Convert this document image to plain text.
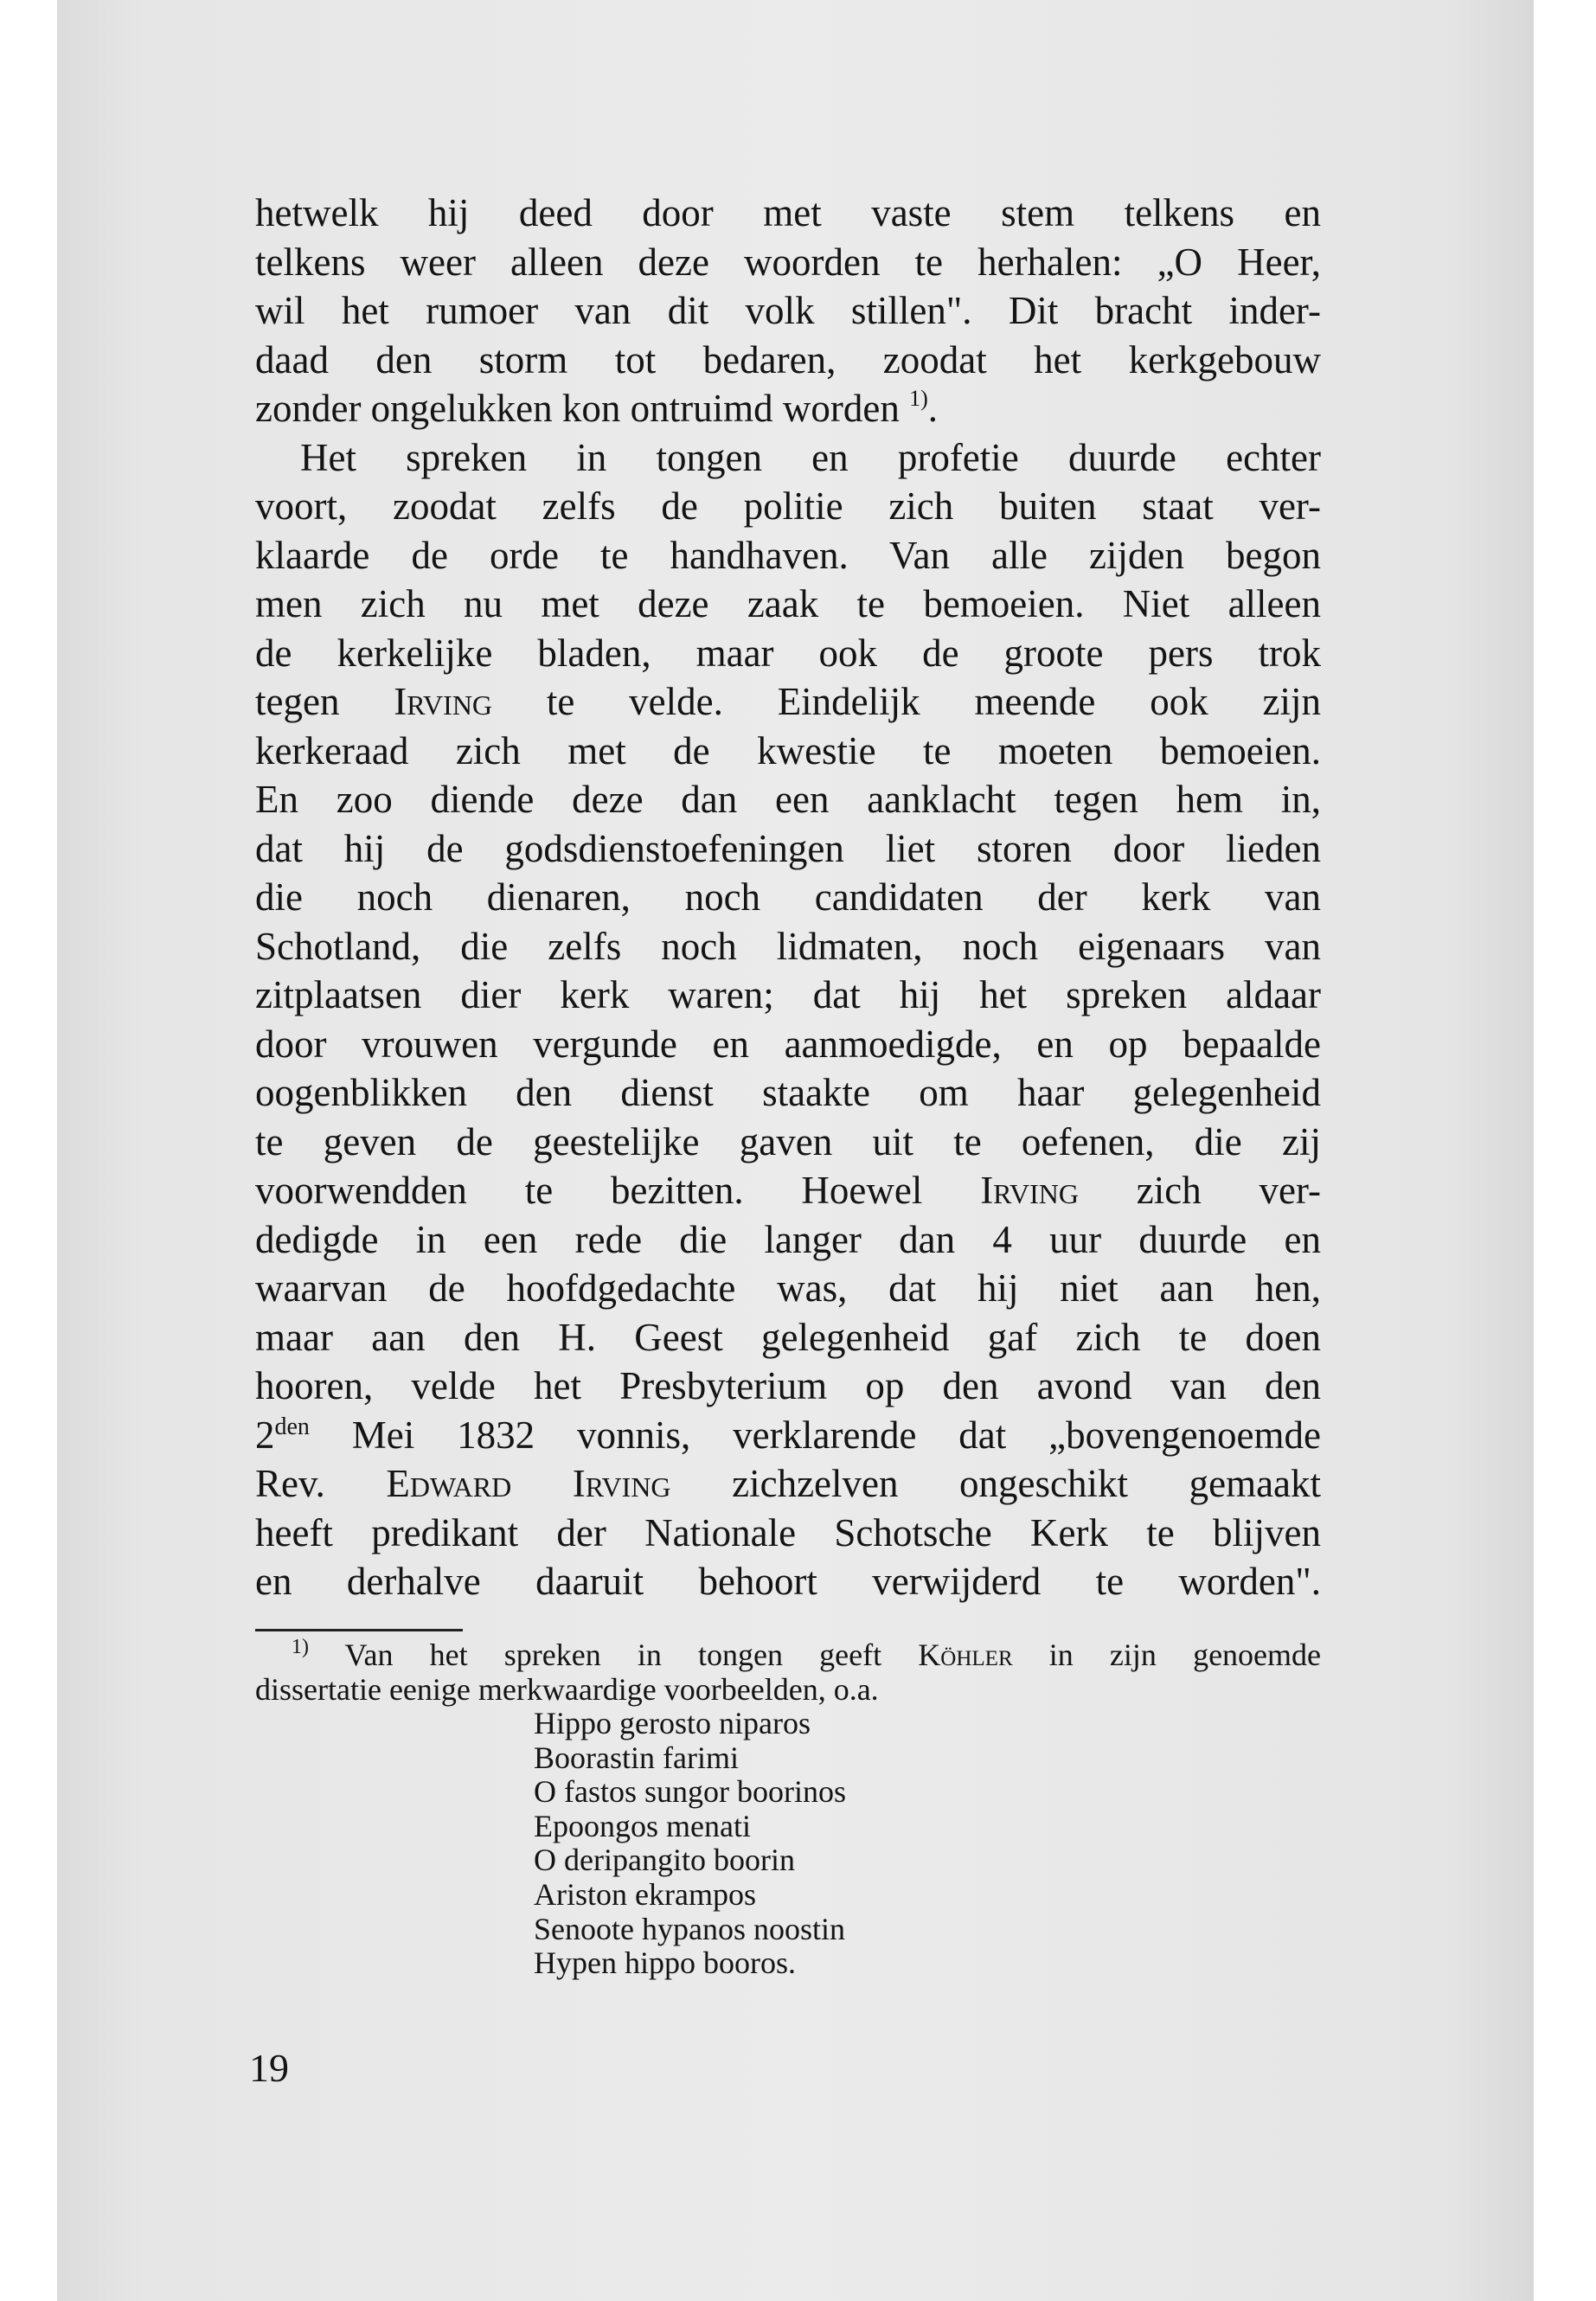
hetwelk hij deed door met vaste stem telkens en
telkens weer alleen deze woorden te herhalen: „O Heer,
wil het rumoer van dit volk stillen". Dit bracht inder-
daad den storm tot bedaren, zoodat het kerkgebouw
zonder ongelukken kon ontruimd worden $^{1)}$.
Het spreken in tongen en profetie duurde echter
voort, zoodat zelfs de politie zich buiten staat ver-
klaarde de orde te handhaven. Van alle zijden begon
men zich nu met deze zaak te bemoeien. Niet alleen
de kerkelijke bladen, maar ook de groote pers trok
tegen Irving te velde. Eindelijk meende ook zijn
kerkeraad zich met de kwestie te moeten bemoeien.
En zoo diende deze dan een aanklacht tegen hem in,
dat hij de godsdienstoefeningen liet storen door lieden
die noch dienaren, noch candidaten der kerk van
Schotland, die zelfs noch lidmaten, noch eigenaars van
zitplaatsen dier kerk waren; dat hij het spreken aldaar
door vrouwen vergunde en aanmoedigde, en op bepaalde
oogenblikken den dienst staakte om haar gelegenheid
te geven de geestelijke gaven uit te oefenen, die zij
voorwendden te bezitten. Hoewel Irving zich ver-
dedigde in een rede die langer dan 4 uur duurde en
waarvan de hoofdgedachte was, dat hij niet aan hen,
maar aan den H. Geest gelegenheid gaf zich te doen
hooren, velde het Presbyterium op den avond van den
$2^{den}$ Mei 1832 vonnis, verklarende dat „bovengenoemde
Rev. Edward Irving zichzelven ongeschikt gemaakt
heeft predikant der Nationale Schotsche Kerk te blijven
en derhalve daaruit behoort verwijderd te worden".
$^{1)}$ Van het spreken in tongen geeft Köhler in zijn genoemde
dissertatie eenige merkwaardige voorbeelden, o.a.
Hippo gerosto niparos
Boorastin farimi
O fastos sungor boorinos
Epoongos menati
O deripangito boorin
Ariston ekrampos
Senoote hypanos noostin
Hypen hippo booros.
19
